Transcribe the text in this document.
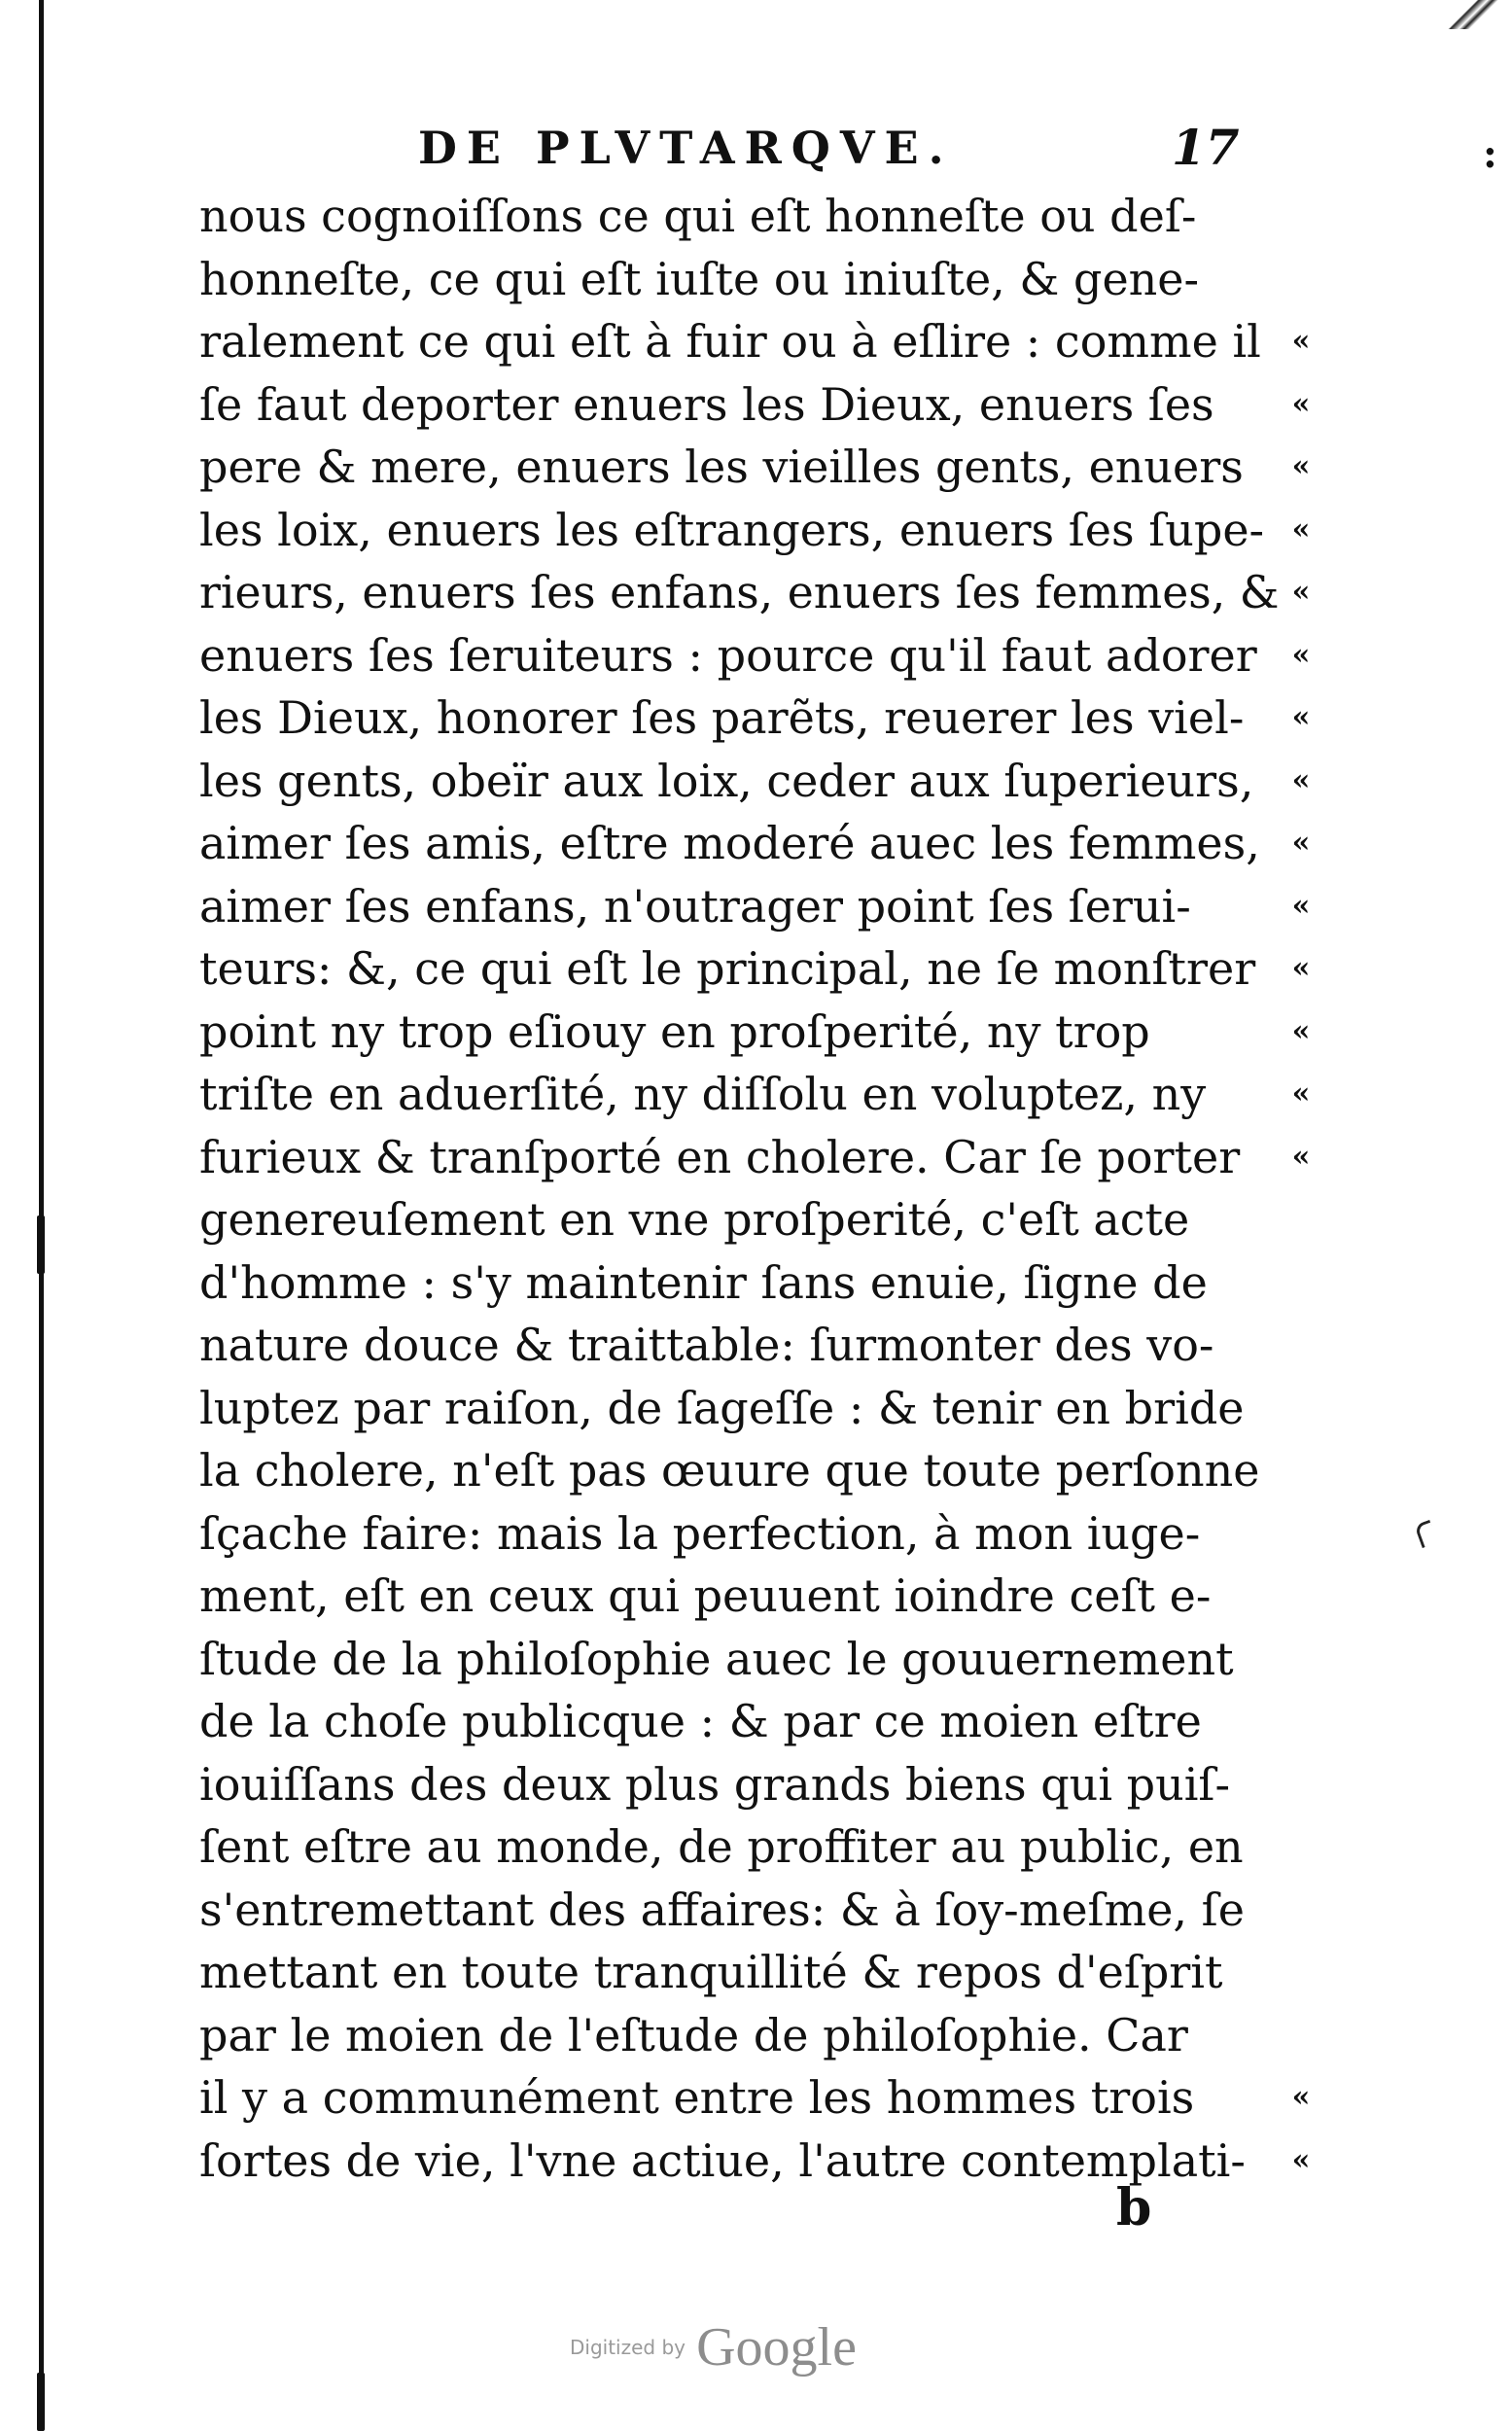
:
DE PLVTARQVE.	17
nous cognoiſſons ce qui eſt honneſte ou deſ-
honneſte, ce qui eſt iuſte ou iniuſte, & gene-
ralement ce qui eſt à fuir ou à eſlire : comme il
ſe faut deporter enuers les Dieux, enuers ſes
pere & mere, enuers les vieilles gents, enuers
les loix, enuers les eſtrangers, enuers ſes ſupe-
rieurs, enuers ſes enfans, enuers ſes femmes, &
enuers ſes ſeruiteurs : pource qu'il faut adorer
les Dieux, honorer ſes parẽts, reuerer les viel-
les gents, obeïr aux loix, ceder aux ſuperieurs,
aimer ſes amis, eſtre moderé auec les femmes,
aimer ſes enfans, n'outrager point ſes ſerui-
teurs: &, ce qui eſt le principal, ne ſe monſtrer
point ny trop eſiouy en proſperité, ny trop
triſte en aduerſité, ny diſſolu en voluptez, ny
furieux & tranſporté en cholere. Car ſe porter
genereuſement en vne proſperité, c'eſt acte
d'homme : s'y maintenir ſans enuie, ſigne de
nature douce & traittable: ſurmonter des vo-
luptez par raiſon, de ſageſſe : & tenir en bride
la cholere, n'eſt pas œuure que toute perſonne
ſçache faire: mais la perfection, à mon iuge-
ment, eſt en ceux qui peuuent ioindre ceſt e-
ſtude de la philoſophie auec le gouuernement
de la choſe publicque : & par ce moien eſtre
iouiſſans des deux plus grands biens qui puiſ-
ſent eſtre au monde, de proffiter au public, en
s'entremettant des affaires: & à ſoy-meſme, ſe
mettant en toute tranquillité & repos d'eſprit
par le moien de l'eſtude de philoſophie. Car
il y a communément entre les hommes trois
ſortes de vie, l'vne actiue, l'autre contemplati-
«
«
«
«
«
«
«
«
«
«
«
«
«
«
«
«
b
Digitized by Google
